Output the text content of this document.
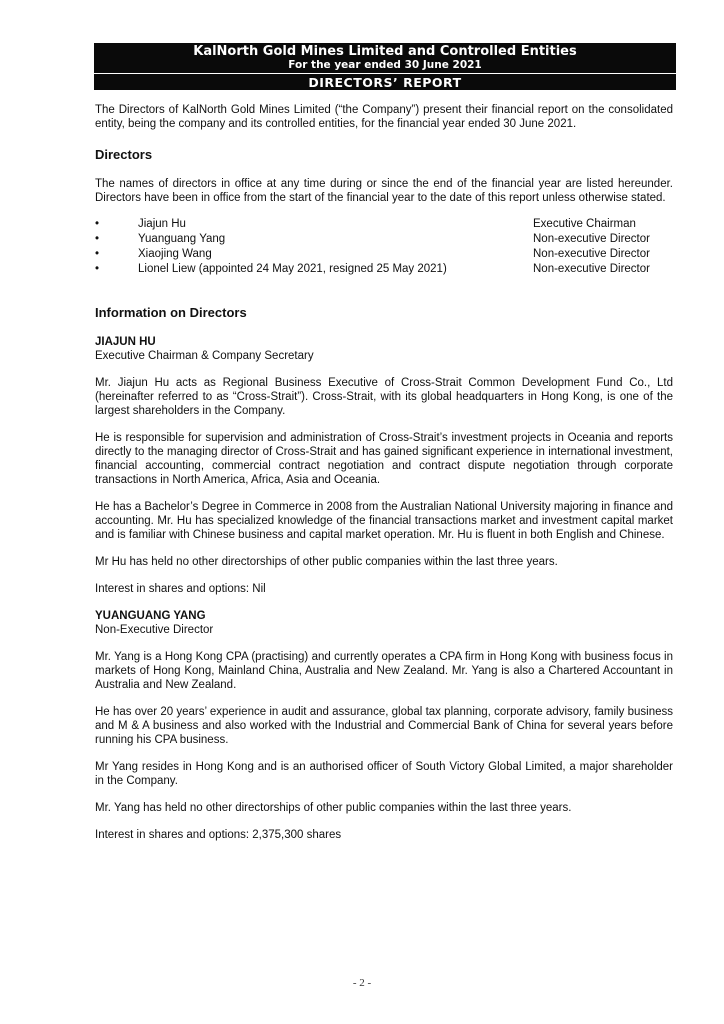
KalNorth Gold Mines Limited and Controlled Entities
For the year ended 30 June 2021
DIRECTORS’ REPORT

The Directors of KalNorth Gold Mines Limited (“the Company”) present their financial report on the consolidated entity, being the company and its controlled entities, for the financial year ended 30 June 2021.

Directors

The names of directors in office at any time during or since the end of the financial year are listed hereunder. Directors have been in office from the start of the financial year to the date of this report unless otherwise stated.

•	Jiajun Hu	Executive Chairman
•	Yuanguang Yang	Non-executive Director
•	Xiaojing Wang	Non-executive Director
•	Lionel Liew (appointed 24 May 2021, resigned 25 May 2021)	Non-executive Director

Information on Directors

JIAJUN HU

Executive Chairman & Company Secretary

Mr. Jiajun Hu acts as Regional Business Executive of Cross-Strait Common Development Fund Co., Ltd (hereinafter referred to as “Cross-Strait”). Cross-Strait, with its global headquarters in Hong Kong, is one of the largest shareholders in the Company.

He is responsible for supervision and administration of Cross-Strait’s investment projects in Oceania and reports directly to the managing director of Cross-Strait and has gained significant experience in international investment, financial accounting, commercial contract negotiation and contract dispute negotiation through corporate transactions in North America, Africa, Asia and Oceania.

He has a Bachelor’s Degree in Commerce in 2008 from the Australian National University majoring in finance and accounting. Mr. Hu has specialized knowledge of the financial transactions market and investment capital market and is familiar with Chinese business and capital market operation. Mr. Hu is fluent in both English and Chinese.

Mr Hu has held no other directorships of other public companies within the last three years.

Interest in shares and options: Nil

YUANGUANG YANG

Non-Executive Director

Mr. Yang is a Hong Kong CPA (practising) and currently operates a CPA firm in Hong Kong with business focus in markets of Hong Kong, Mainland China, Australia and New Zealand. Mr. Yang is also a Chartered Accountant in Australia and New Zealand.

He has over 20 years’ experience in audit and assurance, global tax planning, corporate advisory, family business and M & A business and also worked with the Industrial and Commercial Bank of China for several years before running his CPA business.

Mr Yang resides in Hong Kong and is an authorised officer of South Victory Global Limited, a major shareholder in the Company.

Mr. Yang has held no other directorships of other public companies within the last three years.

Interest in shares and options: 2,375,300 shares

- 2 -
